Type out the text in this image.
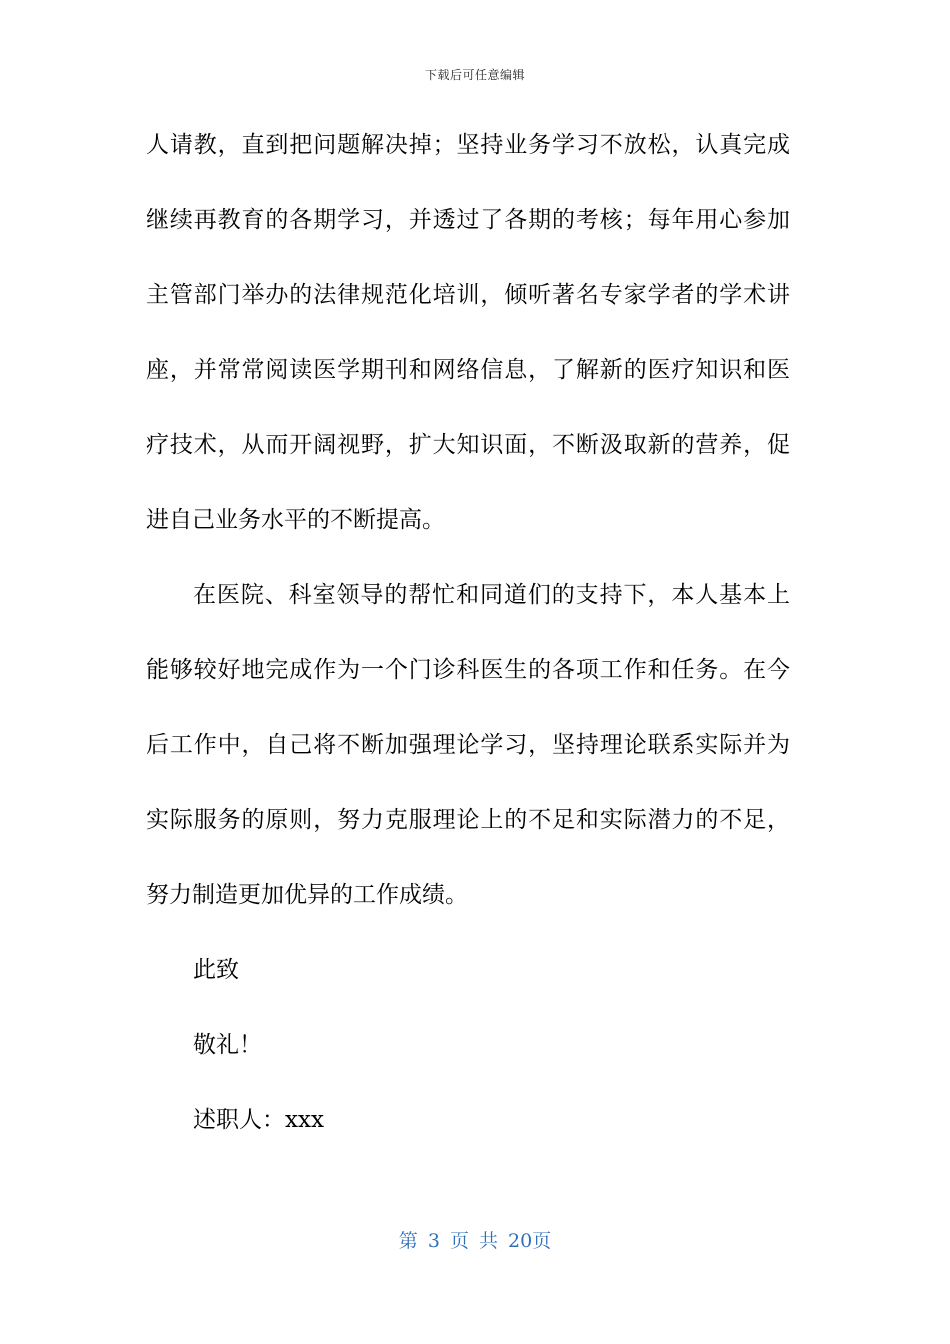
下载后可任意编辑
人请教，直到把问题解决掉；坚持业务学习不放松，认真完成
继续再教育的各期学习，并透过了各期的考核；每年用心参加
主管部门举办的法律规范化培训，倾听著名专家学者的学术讲
座，并常常阅读医学期刊和网络信息，了解新的医疗知识和医
疗技术，从而开阔视野，扩大知识面，不断汲取新的营养，促
进自己业务水平的不断提高。
在医院、科室领导的帮忙和同道们的支持下，本人基本上
能够较好地完成作为一个门诊科医生的各项工作和任务。在今
后工作中，自己将不断加强理论学习，坚持理论联系实际并为
实际服务的原则，努力克服理论上的不足和实际潜力的不足，
努力制造更加优异的工作成绩。
此致
敬礼！
述职人：xxx
第 3 页 共 20页
